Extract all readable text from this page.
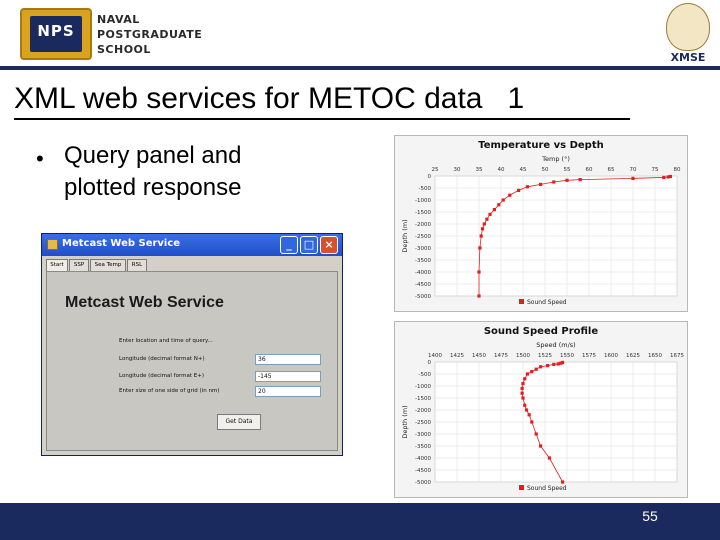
NPS
NAVAL
POSTGRADUATE
SCHOOL
XMSE
XML web services for METOC data   1
• Query panel and
plotted response
Metcast Web Service	_	□ ×
Start	SSP	Sea Temp	RSL
Metcast Web Service
Enter location and time of query...
Longitude (decimal format N+)	36
Longitude (decimal format E+)	-145
Enter size of one side of grid (in nm)	20
Get Data
Temperature vs Depth
Temp (°)
Depth (m)
25	30	35	40	45	50	55	60	65	70	75	80
0
-500
-1000
-1500
-2000
-2500
-3000
-3500
-4000
-4500
-5000
Sound Speed
Sound Speed Profile
Speed (m/s)
Depth (m)
1400 1425 1450 1475 1500 1525 1550 1575 1600 1625 1650 1675
0
-500
-1000
-1500
-2000
-2500
-3000
-3500
-4000
-4500
-5000
Sound Speed
55
